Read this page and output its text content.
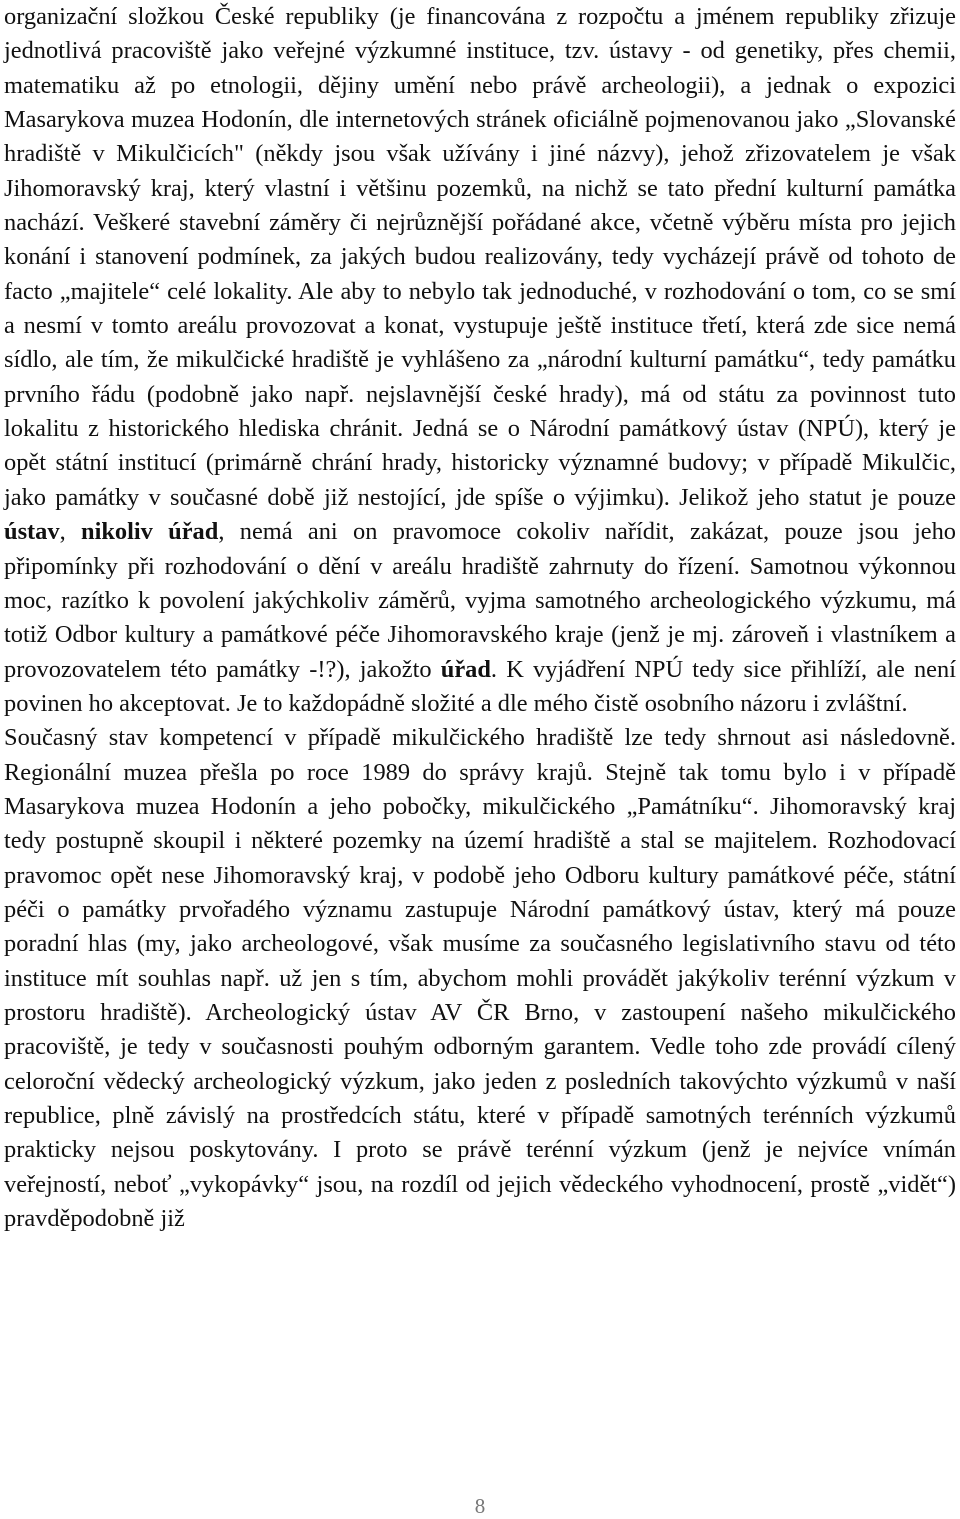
organizační složkou České republiky (je financována z rozpočtu a jménem republiky zřizuje jednotlivá pracoviště jako veřejné výzkumné instituce, tzv. ústavy - od genetiky, přes chemii, matematiku až po etnologii, dějiny umění nebo právě archeologii), a jednak o expozici Masarykova muzea Hodonín, dle internetových stránek oficiálně pojmenovanou jako „Slovanské hradiště v Mikulčicích" (někdy jsou však užívány i jiné názvy), jehož zřizovatelem je však Jihomoravský kraj, který vlastní i většinu pozemků, na nichž se tato přední kulturní památka nachází. Veškeré stavební záměry či nejrůznější pořádané akce, včetně výběru místa pro jejich konání i stanovení podmínek, za jakých budou realizovány, tedy vycházejí právě od tohoto de facto „majitele“ celé lokality. Ale aby to nebylo tak jednoduché, v rozhodování o tom, co se smí a nesmí v tomto areálu provozovat a konat, vystupuje ještě instituce třetí, která zde sice nemá sídlo, ale tím, že mikulčické hradiště je vyhlášeno za „národní kulturní památku“, tedy památku prvního řádu (podobně jako např. nejslavnější české hrady), má od státu za povinnost tuto lokalitu z historického hlediska chránit. Jedná se o Národní památkový ústav (NPÚ), který je opět státní institucí (primárně chrání hrady, historicky významné budovy; v případě Mikulčic, jako památky v současné době již nestojící, jde spíše o výjimku). Jelikož jeho statut je pouze ústav, nikoliv úřad, nemá ani on pravomoce cokoliv nařídit, zakázat, pouze jsou jeho připomínky při rozhodování o dění v areálu hradiště zahrnuty do řízení. Samotnou výkonnou moc, razítko k povolení jakýchkoliv záměrů, vyjma samotného archeologického výzkumu, má totiž Odbor kultury a památkové péče Jihomoravského kraje (jenž je mj. zároveň i vlastníkem a provozovatelem této památky -!?), jakožto úřad. K vyjádření NPÚ tedy sice přihlíží, ale není povinen ho akceptovat. Je to každopádně složité a dle mého čistě osobního názoru i zvláštní.

Současný stav kompetencí v případě mikulčického hradiště lze tedy shrnout asi následovně. Regionální muzea přešla po roce 1989 do správy krajů. Stejně tak tomu bylo i v případě Masarykova muzea Hodonín a jeho pobočky, mikulčického „Památníku“. Jihomoravský kraj tedy postupně skoupil i některé pozemky na území hradiště a stal se majitelem. Rozhodovací pravomoc opět nese Jihomoravský kraj, v podobě jeho Odboru kultury památkové péče, státní péči o památky prvořadého významu zastupuje Národní památkový ústav, který má pouze poradní hlas (my, jako archeologové, však musíme za současného legislativního stavu od této instituce mít souhlas např. už jen s tím, abychom mohli provádět jakýkoliv terénní výzkum v prostoru hradiště). Archeologický ústav AV ČR Brno, v zastoupení našeho mikulčického pracoviště, je tedy v současnosti pouhým odborným garantem. Vedle toho zde provádí cílený celoroční vědecký archeologický výzkum, jako jeden z posledních takovýchto výzkumů v naší republice, plně závislý na prostředcích státu, které v případě samotných terénních výzkumů prakticky nejsou poskytovány. I proto se právě terénní výzkum (jenž je nejvíce vnímán veřejností, neboť „vykopávky“ jsou, na rozdíl od jejich vědeckého vyhodnocení, prostě „vidět“) pravděpodobně již

8
